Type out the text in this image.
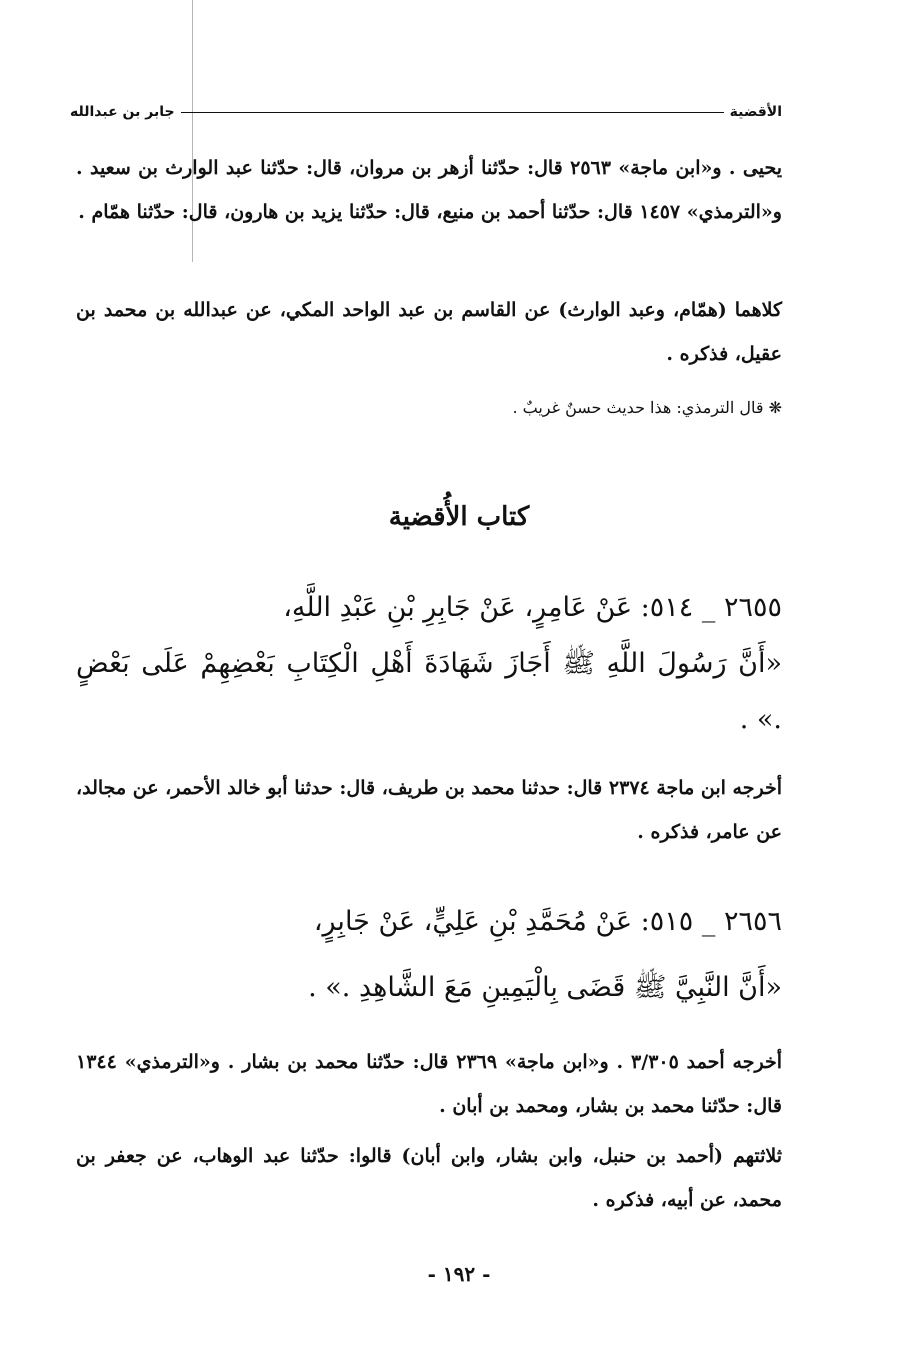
الأقضية
جابر بن عبدالله

يحيى . و«ابن ماجة» ٢٥٦٣ قال: حدّثنا أزهر بن مروان، قال: حدّثنا عبد الوارث بن سعيد . و«الترمذي» ١٤٥٧ قال: حدّثنا أحمد بن منيع، قال: حدّثنا يزيد بن هارون، قال: حدّثنا همّام .

كلاهما (همّام، وعبد الوارث) عن القاسم بن عبد الواحد المكي، عن عبدالله بن محمد بن عقيل، فذكره .

❋ قال الترمذي: هذا حديث حسنٌ غريبٌ .

كتاب الأُقضية

٢٦٥٥ _ ٥١٤: عَنْ عَامِرٍ، عَنْ جَابِرِ بْنِ عَبْدِ اللَّهِ،

«أَنَّ رَسُولَ اللَّهِ ﷺ أَجَازَ شَهَادَةَ أَهْلِ الْكِتَابِ بَعْضِهِمْ عَلَى بَعْضٍ .» .

أخرجه ابن ماجة ٢٣٧٤ قال: حدثنا محمد بن طريف، قال: حدثنا أبو خالد الأحمر، عن مجالد، عن عامر، فذكره .

٢٦٥٦ _ ٥١٥: عَنْ مُحَمَّدِ بْنِ عَلِيٍّ، عَنْ جَابِرٍ،

«أَنَّ النَّبِيَّ ﷺ قَضَى بِالْيَمِينِ مَعَ الشَّاهِدِ .» .

أخرجه أحمد ٣/٣٠٥ . و«ابن ماجة» ٢٣٦٩ قال: حدّثنا محمد بن بشار . و«الترمذي» ١٣٤٤ قال: حدّثنا محمد بن بشار، ومحمد بن أبان .

ثلاثتهم (أحمد بن حنبل، وابن بشار، وابن أبان) قالوا: حدّثنا عبد الوهاب، عن جعفر بن محمد، عن أبيه، فذكره .

- ١٩٢ -
